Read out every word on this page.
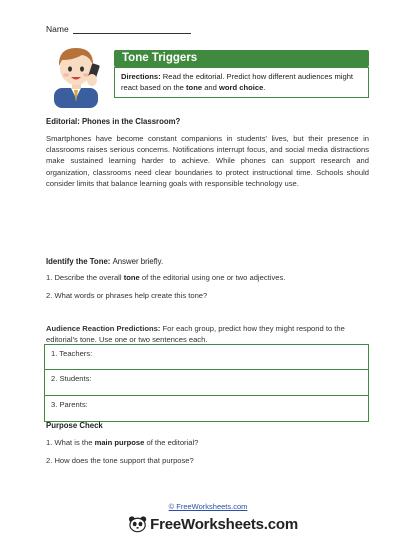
Name
Tone Triggers
Directions: Read the editorial. Predict how different audiences might react based on the tone and word choice.
Editorial: Phones in the Classroom?
Smartphones have become constant companions in students' lives, but their presence in classrooms raises serious concerns. Notifications interrupt focus, and social media distractions make sustained learning harder to achieve. While phones can support research and organization, classrooms need clear boundaries to protect instructional time. Schools should consider limits that balance learning goals with responsible technology use.
Identify the Tone: Answer briefly.
1. Describe the overall tone of the editorial using one or two adjectives.
2. What words or phrases help create this tone?
Audience Reaction Predictions: For each group, predict how they might respond to the editorial's tone. Use one or two sentences each.
1. Teachers:
2. Students:
3. Parents:
Purpose Check
1. What is the main purpose of the editorial?
2. How does the tone support that purpose?
© FreeWorksheets.com
FreeWorksheets.com
